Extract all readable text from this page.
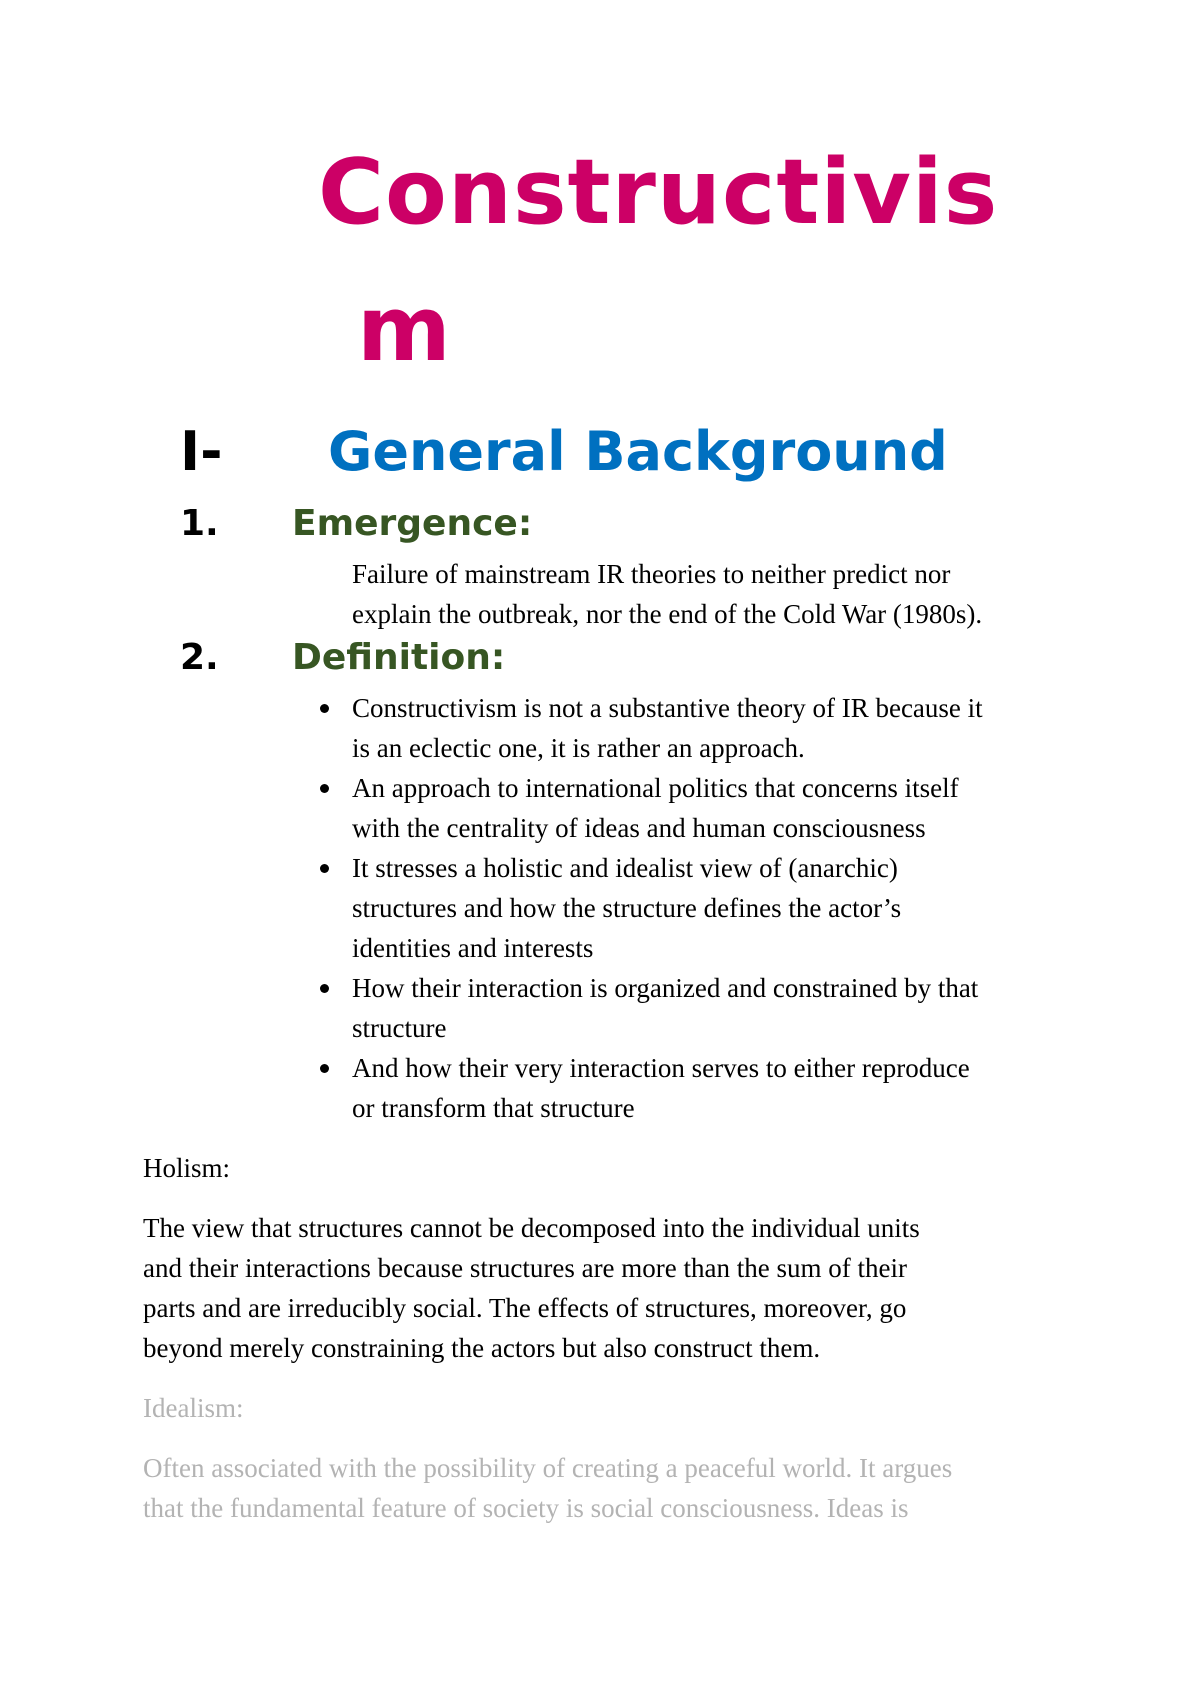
Constructivis
m
I- General Background
1. Emergence:
Failure of mainstream IR theories to neither predict nor
explain the outbreak, nor the end of the Cold War (1980s).
2. Definition:
Constructivism is not a substantive theory of IR because it
is an eclectic one, it is rather an approach.
An approach to international politics that concerns itself
with the centrality of ideas and human consciousness
It stresses a holistic and idealist view of (anarchic)
structures and how the structure defines the actor’s
identities and interests
How their interaction is organized and constrained by that
structure
And how their very interaction serves to either reproduce
or transform that structure
Holism:
The view that structures cannot be decomposed into the individual units
and their interactions because structures are more than the sum of their
parts and are irreducibly social. The effects of structures, moreover, go
beyond merely constraining the actors but also construct them.
Idealism:
Often associated with the possibility of creating a peaceful world. It argues
that the fundamental feature of society is social consciousness. Ideas is
